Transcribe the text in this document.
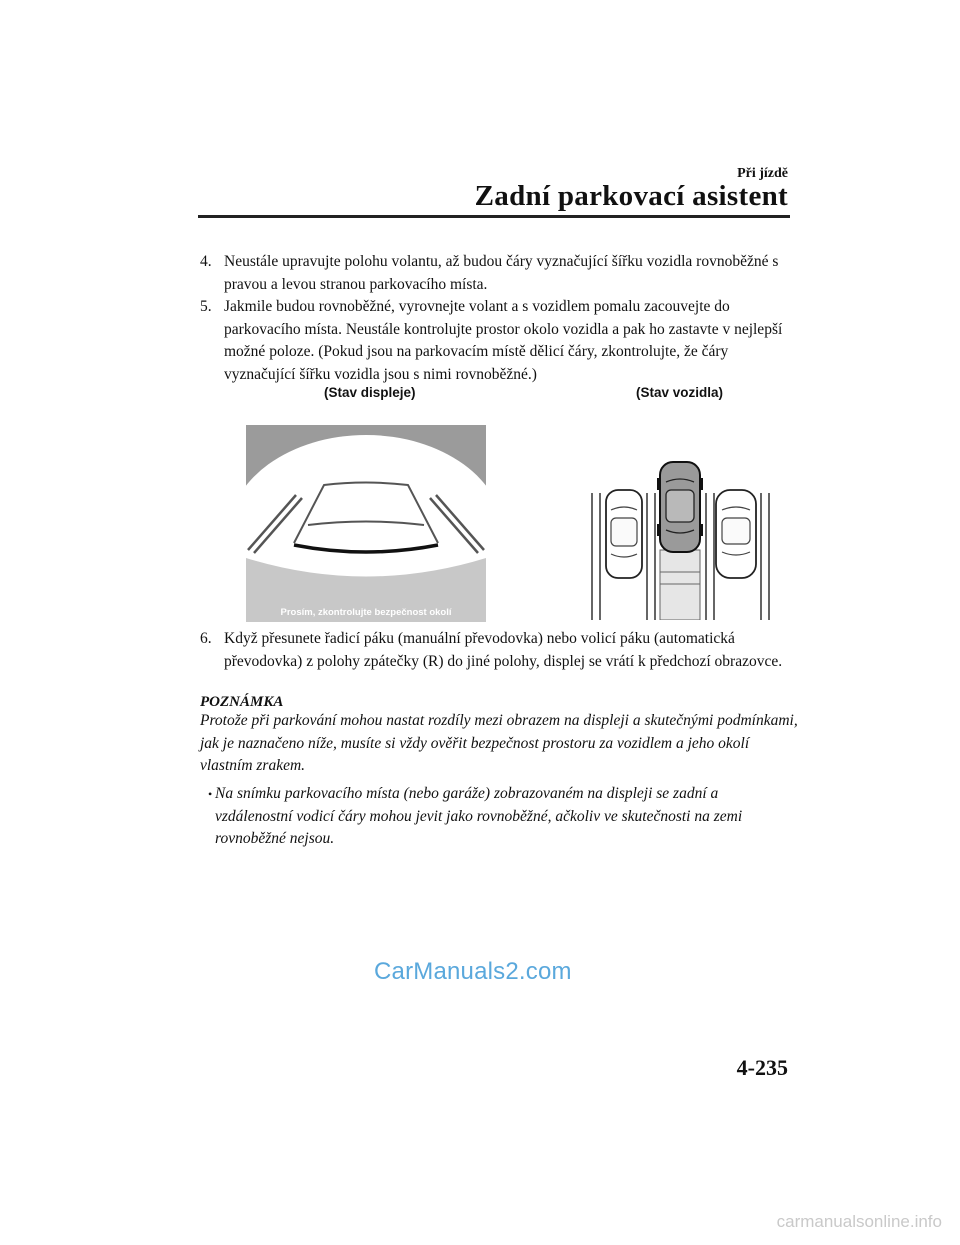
Při jízdě
Zadní parkovací asistent
4. Neustále upravujte polohu volantu, až budou čáry vyznačující šířku vozidla rovnoběžné s pravou a levou stranou parkovacího místa.
5. Jakmile budou rovnoběžné, vyrovnejte volant a s vozidlem pomalu zacouvejte do parkovacího místa. Neustále kontrolujte prostor okolo vozidla a pak ho zastavte v nejlepší možné poloze. (Pokud jsou na parkovacím místě dělicí čáry, zkontrolujte, že čáry vyznačující šířku vozidla jsou s nimi rovnoběžné.)
(Stav displeje)	(Stav vozidla)
Prosím, zkontrolujte bezpečnost okolí
6. Když přesunete řadicí páku (manuální převodovka) nebo volicí páku (automatická převodovka) z polohy zpátečky (R) do jiné polohy, displej se vrátí k předchozí obrazovce.
POZNÁMKA
Protože při parkování mohou nastat rozdíly mezi obrazem na displeji a skutečnými podmínkami, jak je naznačeno níže, musíte si vždy ověřit bezpečnost prostoru za vozidlem a jeho okolí vlastním zrakem.
• Na snímku parkovacího místa (nebo garáže) zobrazovaném na displeji se zadní a vzdálenostní vodicí čáry mohou jevit jako rovnoběžné, ačkoliv ve skutečnosti na zemi rovnoběžné nejsou.
CarManuals2.com
4-235
carmanualsonline.info
